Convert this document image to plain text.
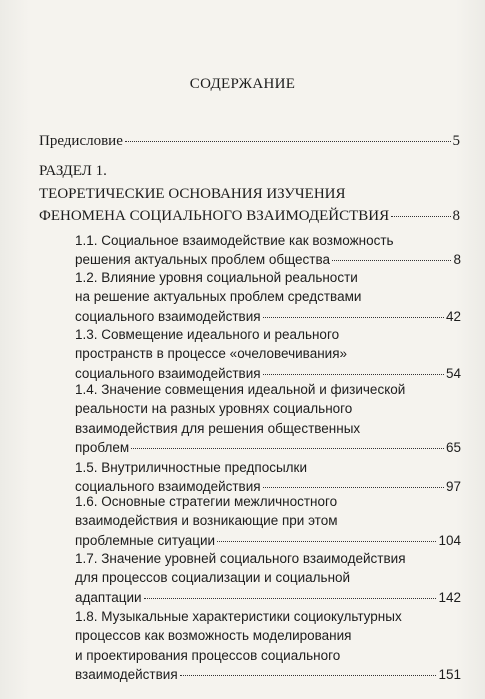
СОДЕРЖАНИЕ
Предисловие	5
РАЗДЕЛ 1.
ТЕОРЕТИЧЕСКИЕ ОСНОВАНИЯ ИЗУЧЕНИЯ
ФЕНОМЕНА СОЦИАЛЬНОГО ВЗАИМОДЕЙСТВИЯ	8
1.1. Социальное взаимодействие как возможность
решения актуальных проблем общества	8
1.2. Влияние уровня социальной реальности
на решение актуальных проблем средствами
социального взаимодействия	42
1.3. Совмещение идеального и реального
пространств в процессе «очеловечивания»
социального взаимодействия	54
1.4. Значение совмещения идеальной и физической
реальности на разных уровнях социального
взаимодействия для решения общественных
проблем	65
1.5. Внутриличностные предпосылки
социального взаимодействия	97
1.6. Основные стратегии межличностного
взаимодействия и возникающие при этом
проблемные ситуации	104
1.7. Значение уровней социального взаимодействия
для процессов социализации и социальной
адаптации	142
1.8. Музыкальные характеристики социокультурных
процессов как возможность моделирования
и проектирования процессов социального
взаимодействия	151
